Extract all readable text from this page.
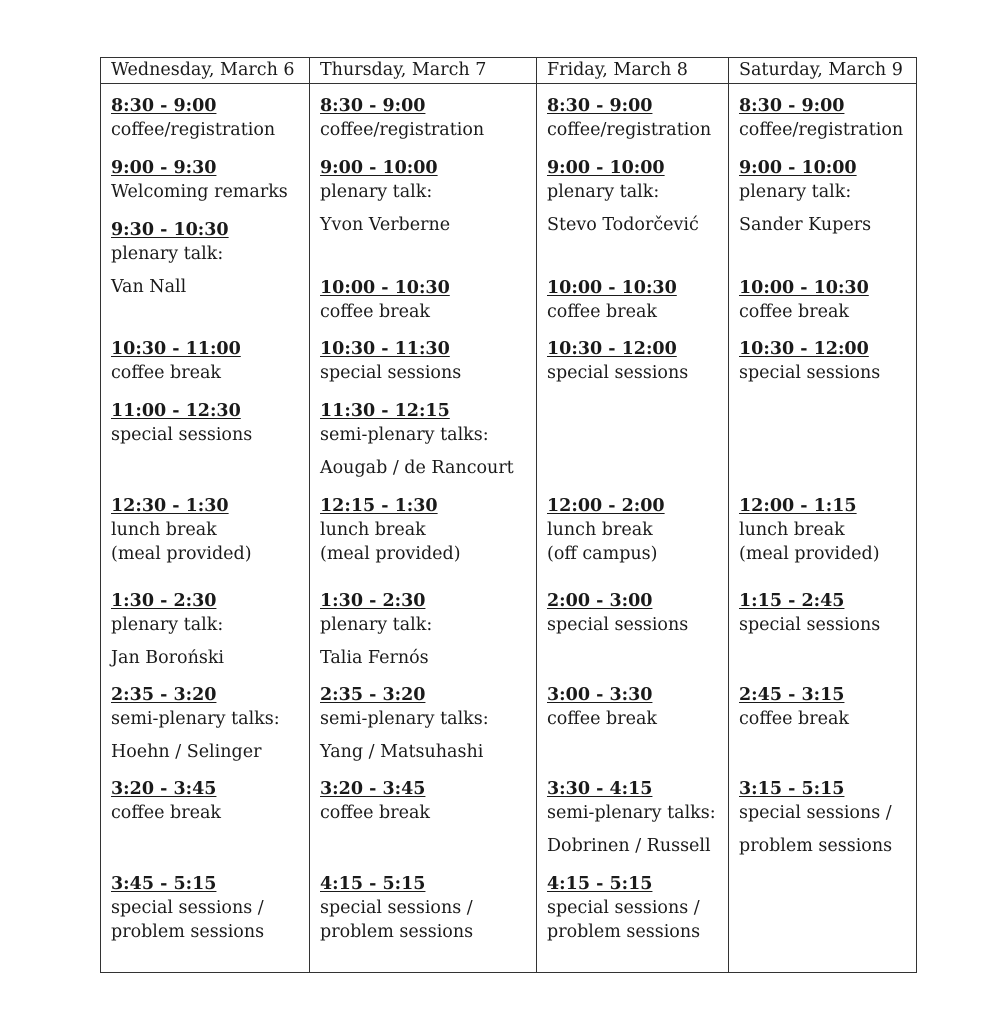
Wednesday, March 6 Thursday, March 7	Friday, March 8	Saturday, March 9
8:30 - 9:00
coffee/registration
9:00 - 9:30
Welcoming remarks
9:30 - 10:30
plenary talk:
Van Nall
10:30 - 11:00
coffee break
11:00 - 12:30
special sessions
12:30 - 1:30
lunch break
(meal provided)
1:30 - 2:30
plenary talk:
Jan Boroński
2:35 - 3:20
semi-plenary talks:
Hoehn / Selinger
3:20 - 3:45
coffee break
3:45 - 5:15
special sessions /
problem sessions
8:30 - 9:00
coffee/registration
9:00 - 10:00
plenary talk:
Yvon Verberne
10:00 - 10:30
coffee break
10:30 - 11:30
special sessions
11:30 - 12:15
semi-plenary talks:
Aougab / de Rancourt
12:15 - 1:30
lunch break
(meal provided)
1:30 - 2:30
plenary talk:
Talia Fernós
2:35 - 3:20
semi-plenary talks:
Yang / Matsuhashi
3:20 - 3:45
coffee break
4:15 - 5:15
special sessions /
problem sessions
8:30 - 9:00
coffee/registration
9:00 - 10:00
plenary talk:
Stevo Todorčević
10:00 - 10:30
coffee break
10:30 - 12:00
special sessions
12:00 - 2:00
lunch break
(off campus)
2:00 - 3:00
special sessions
3:00 - 3:30
coffee break
3:30 - 4:15
semi-plenary talks:
Dobrinen / Russell
4:15 - 5:15
special sessions /
problem sessions
8:30 - 9:00
coffee/registration
9:00 - 10:00
plenary talk:
Sander Kupers
10:00 - 10:30
coffee break
10:30 - 12:00
special sessions
12:00 - 1:15
lunch break
(meal provided)
1:15 - 2:45
special sessions
2:45 - 3:15
coffee break
3:15 - 5:15
special sessions /
problem sessions
